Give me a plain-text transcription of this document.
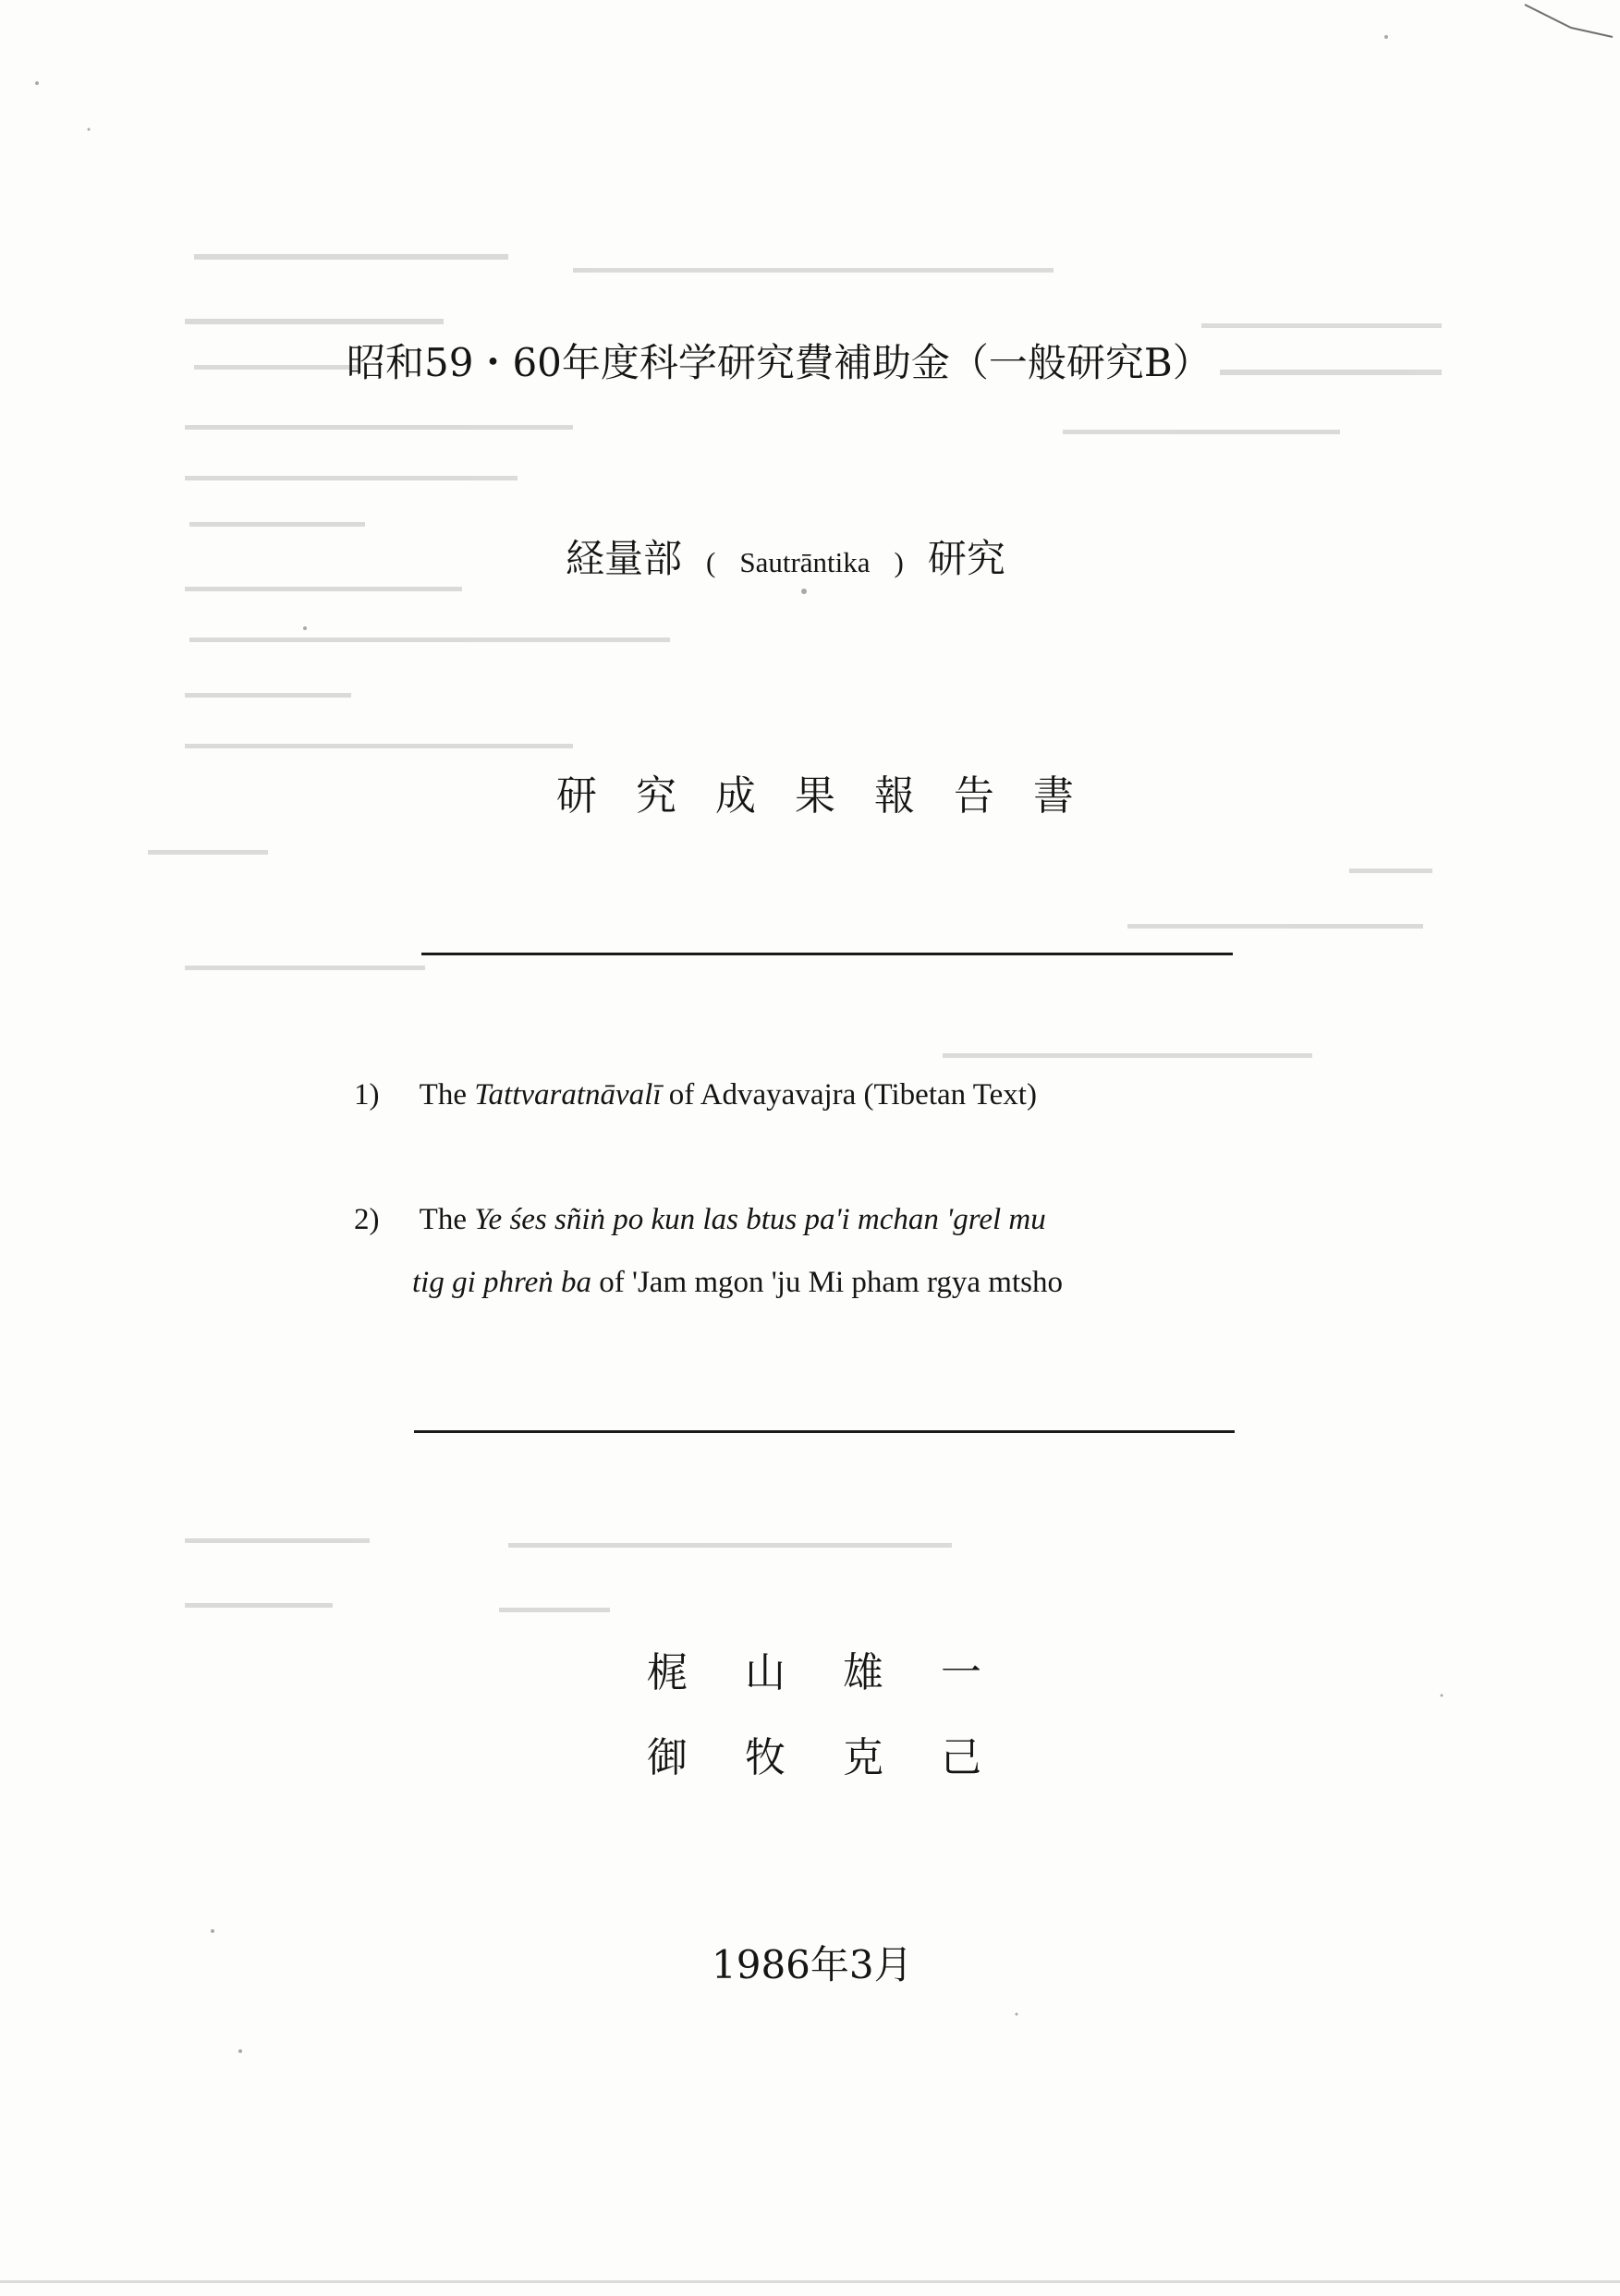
昭和59・60年度科学研究費補助金（一般研究B）
経量部 ( Sautrāntika ) 研究
研究成果報告書
1) The Tattvaratnāvalī of Advayavajra (Tibetan Text)
2) The Ye śes sñiṅ po kun las btus pa'i mchan 'grel mu
tig gi phreṅ ba of 'Jam mgon 'ju Mi pham rgya mtsho
梶山雄一
御牧克己
1986年3月
